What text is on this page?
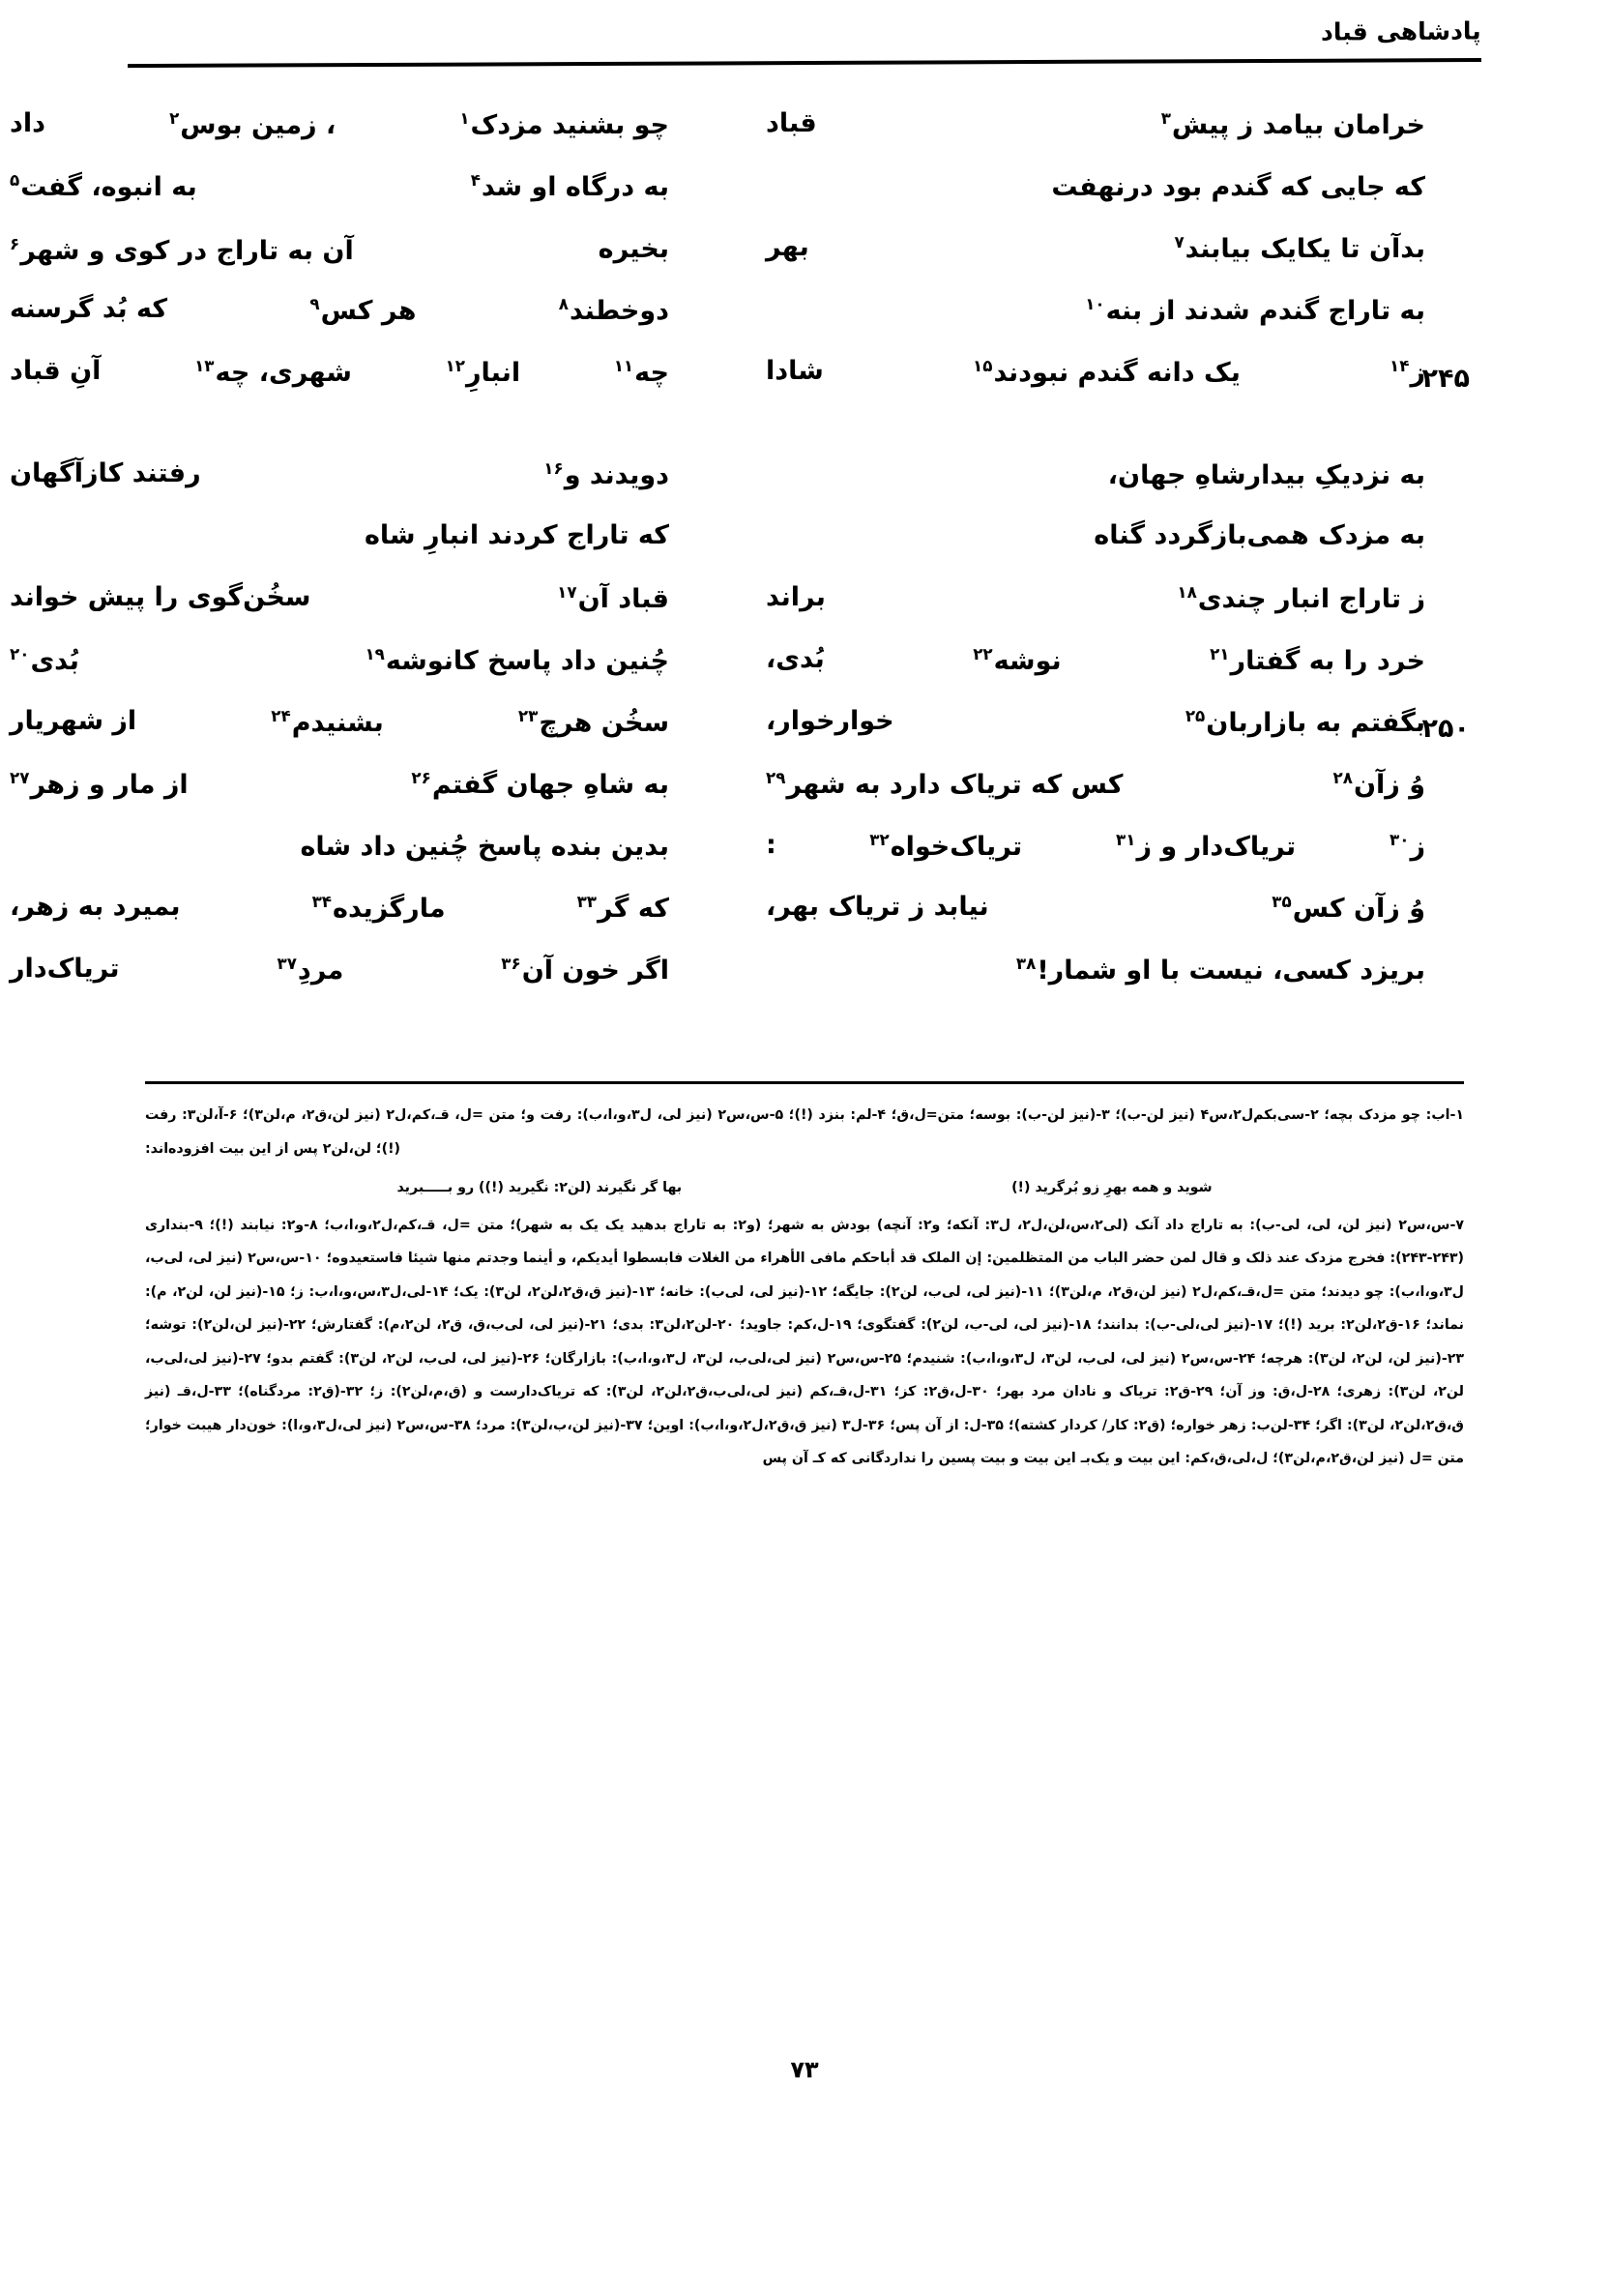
پادشاهی قباد
خرامان بیامد ز پیش$^۳$
قباد
چو بشنید مزدک$^۱$
، زمین بوس$^۲$
داد
که جایی که گندم بود درنهفت
به درگاه او شد$^۴$
به انبوه، گفت$^۵$
بدآن تا یکایک بیابند$^۷$
بهر
بخیره
آن به تاراج در کوی و شهر$^۶$
به تاراج گندم شدند از بنه$^{۱۰}$
دوخطند$^۸$
هر کس$^۹$
که بُد گرسنه
ز$^{۱۴}$
یک دانه گندم نبودند$^{۱۵}$
شادا
چه$^{۱۱}$
انبارِ$^{۱۲}$
شهری، چه$^{۱۳}$
آنِ قباد	۲۴۵
به نزدیکِ بیدارشاهِ جهان،
دویدند و$^{۱۶}$
رفتند کازآگهان
به مزدک همی‌بازگردد گناه
که تاراج کردند انبارِ شاه
ز تاراج انبار چندی$^{۱۸}$
براند
قباد آن$^{۱۷}$
سخُن‌گوی را پیش خواند
خرد را به گفتار$^{۲۱}$
نوشه$^{۲۲}$
بُدی،
چُنین داد پاسخ کانوشه$^{۱۹}$
بُدی$^{۲۰}$
بگفتم به بازاربان$^{۲۵}$
خوارخوار،
سخُن هرچ$^{۲۳}$
بشنیدم$^{۲۴}$
از شهریار	۲۵۰
وُ زآن$^{۲۸}$
کس که تریاک دارد به شهر$^{۲۹}$
به شاهِ جهان گفتم$^{۲۶}$
از مار و زهر$^{۲۷}$
ز$^{۳۰}$
تریاک‌دار و ز$^{۳۱}$
تریاک‌خواه$^{۳۲}$
:
بدین بنده پاسخ چُنین داد شاه
وُ زآن کس$^{۳۵}$
نیابد ز تریاک بهر،
که گر$^{۳۳}$
مارگزیده$^{۳۴}$
بمیرد به زهر،
بریزد کسی، نیست با او شمار!$^{۳۸}$
اگر خون آن$^{۳۶}$
مردِ$^{۳۷}$
تریاک‌دار

۱-اب: چو مزدک بچه؛ ۲-سی‌بکم‌ل۲،س۴ (نیز لن-ب)؛ ۳-(نیز لن-ب): بوسه؛ متن=ل،ق؛ ۴-لم: بنزد (!)؛ ۵-س،س۲ (نیز لی، ل۳،و،ا،ب): رفت و؛ متن =ل، قـ،کم،ل۲ (نیز لن،ق۲، م،لن۳)؛ ۶-آ،لن۳: رفت (!)؛ لن،لن۲ پس از این بیت افزوده‌اند:

شوید و همه بهرِ زو بُرگرید (!)
بها گر نگیرند (لن۲: نگیرید (!)) رو بـــــبرید

۷-س،س۲ (نیز لن، لی، لی-ب): به تاراج داد آنک (لی۲،س،لن،ل۲، ل۳: آنکه؛ و۲: آنچه) بودش به شهر؛ (و۲: به تاراج بدهید یک یک به شهر)؛ متن =ل، قـ،کم،ل۲،و،ا،ب؛ ۸-و۲: نیابند (!)؛ ۹-بنداری (۲۴۳-۲۴۳): فخرج مزدک عند ذلک و قال لمن حضر الباب من المتظلمین: إن الملک قد أباحکم مافی الأهراء من الغلات فابسطوا أیدیکم، و أینما وجدتم منها شیئا فاستعیدوه؛ ۱۰-س،س۲ (نیز لی، لی‌ب، ل۳،و،ا،ب): چو دیدند؛ متن =ل،قـ،کم،ل۲ (نیز لن،ق۲، م،لن۳)؛ ۱۱-(نیز لی، لی‌ب، لن۲): جایگه؛ ۱۲-(نیز لی، لی‌ب): خانه؛ ۱۳-(نیز ق،ق۲،لن۲، لن۳): یک؛ ۱۴-لی،ل۳،س،و،ا،ب: ز؛ ۱۵-(نیز لن، لن۲، م): نماند؛ ۱۶-ق۲،لن۲: برید (!)؛ ۱۷-(نیز لی،لی-ب): بدانند؛ ۱۸-(نیز لی، لی-ب، لن۲): گفتگوی؛ ۱۹-ل،کم: جاوید؛ ۲۰-لن۲،لن۳: بدی؛ ۲۱-(نیز لی، لی‌ب،ق، ق۲، لن۲،م): گفتارش؛ ۲۲-(نیز لن،لن۲): توشه؛ ۲۳-(نیز لن، لن۲، لن۳): هرچه؛ ۲۴-س،س۲ (نیز لی، لی‌ب، لن۳، ل۳،و،ا،ب): شنیدم؛ ۲۵-س،س۲ (نیز لی،لی‌ب، لن۳، ل۳،و،ا،ب): بازارگان؛ ۲۶-(نیز لی، لی‌ب، لن۲، لن۳): گفتم بدو؛ ۲۷-(نیز لی،لی‌ب، لن۲، لن۳): زهری؛ ۲۸-ل،ق: وز آن؛ ۲۹-ق۲: تریاک و نادان مرد بهر؛ ۳۰-ل،ق۲: کز؛ ۳۱-ل،قـ،کم (نیز لی،لی‌ب،ق۲،لن۲، لن۳): که تریاک‌دارست و (ق،م،لن۲): ز؛ ۳۲-(ق۲: مردگناه)؛ ۳۳-ل،قـ (نیز ق،ق۲،لن۲، لن۳): اگر؛ ۳۴-لن‌ب: زهر خواره؛ (ق۲: کار/ کردار کشته)؛ ۳۵-ل: از آن پس؛ ۳۶-ل۳ (نیز ق،ق۲،ل۲،و،ا،ب): اوین؛ ۳۷-(نیز لن،ب،لن۳): مرد؛ ۳۸-س،س۲ (نیز لی،ل۳،و،ا): خون‌دار هیبت خوار؛ متن =ل (نیز لن،ق۲،م،لن۳)؛ ل،لی،ق،کم: این بیت و یک‌بـ این بیت و بیت پسین را نداردگانی که کـ آن پس

۷۳
